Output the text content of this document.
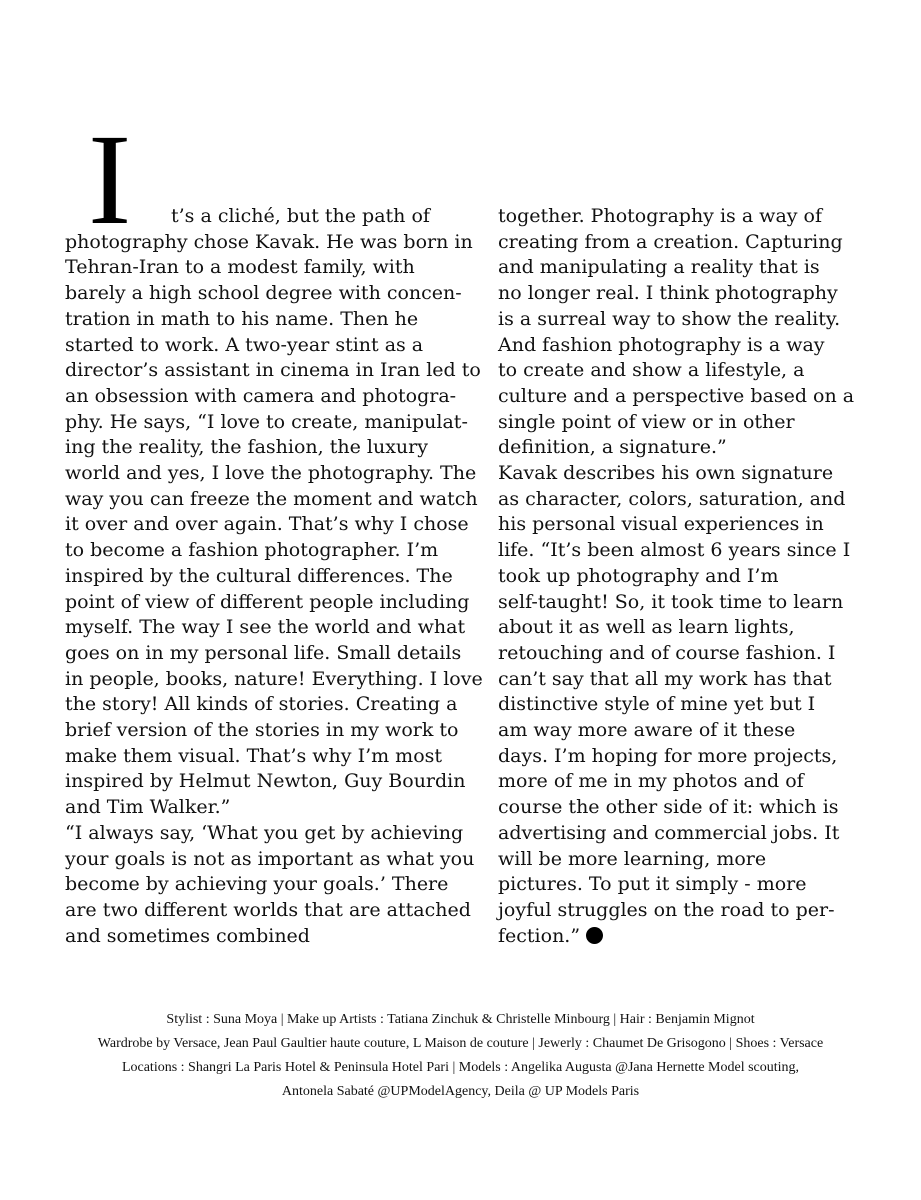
I	t’s a cliché, but the path of
photography chose Kavak. He was born in
Tehran-Iran to a modest family, with
barely a high school degree with concen-
tration in math to his name. Then he
started to work. A two-year stint as a
director’s assistant in cinema in Iran led to
an obsession with camera and photogra-
phy. He says, “I love to create, manipulat-
ing the reality, the fashion, the luxury
world and yes, I love the photography. The
way you can freeze the moment and watch
it over and over again. That’s why I chose
to become a fashion photographer. I’m
inspired by the cultural differences. The
point of view of different people including
myself. The way I see the world and what
goes on in my personal life. Small details
in people, books, nature! Everything. I love
the story! All kinds of stories. Creating a
brief version of the stories in my work to
make them visual. That’s why I’m most
inspired by Helmut Newton, Guy Bourdin
and Tim Walker.”
“I always say, ‘What you get by achieving
your goals is not as important as what you
become by achieving your goals.’ There
are two different worlds that are attached
and sometimes combined
together. Photography is a way of
creating from a creation. Capturing
and manipulating a reality that is
no longer real. I think photography
is a surreal way to show the reality.
And fashion photography is a way
to create and show a lifestyle, a
culture and a perspective based on a
single point of view or in other
definition, a signature.”
Kavak describes his own signature
as character, colors, saturation, and
his personal visual experiences in
life. “It’s been almost 6 years since I
took up photography and I’m
self-taught! So, it took time to learn
about it as well as learn lights,
retouching and of course fashion. I
can’t say that all my work has that
distinctive style of mine yet but I
am way more aware of it these
days. I’m hoping for more projects,
more of me in my photos and of
course the other side of it: which is
advertising and commercial jobs. It
will be more learning, more
pictures. To put it simply - more
joyful struggles on the road to per-
fection.”
Stylist : Suna Moya | Make up Artists : Tatiana Zinchuk & Christelle Minbourg | Hair : Benjamin Mignot
Wardrobe by Versace, Jean Paul Gaultier haute couture, L Maison de couture | Jewerly : Chaumet De Grisogono | Shoes : Versace
Locations : Shangri La Paris Hotel & Peninsula Hotel Pari | Models : Angelika Augusta @Jana Hernette Model scouting,
Antonela Sabaté @UPModelAgency, Deila @ UP Models Paris
